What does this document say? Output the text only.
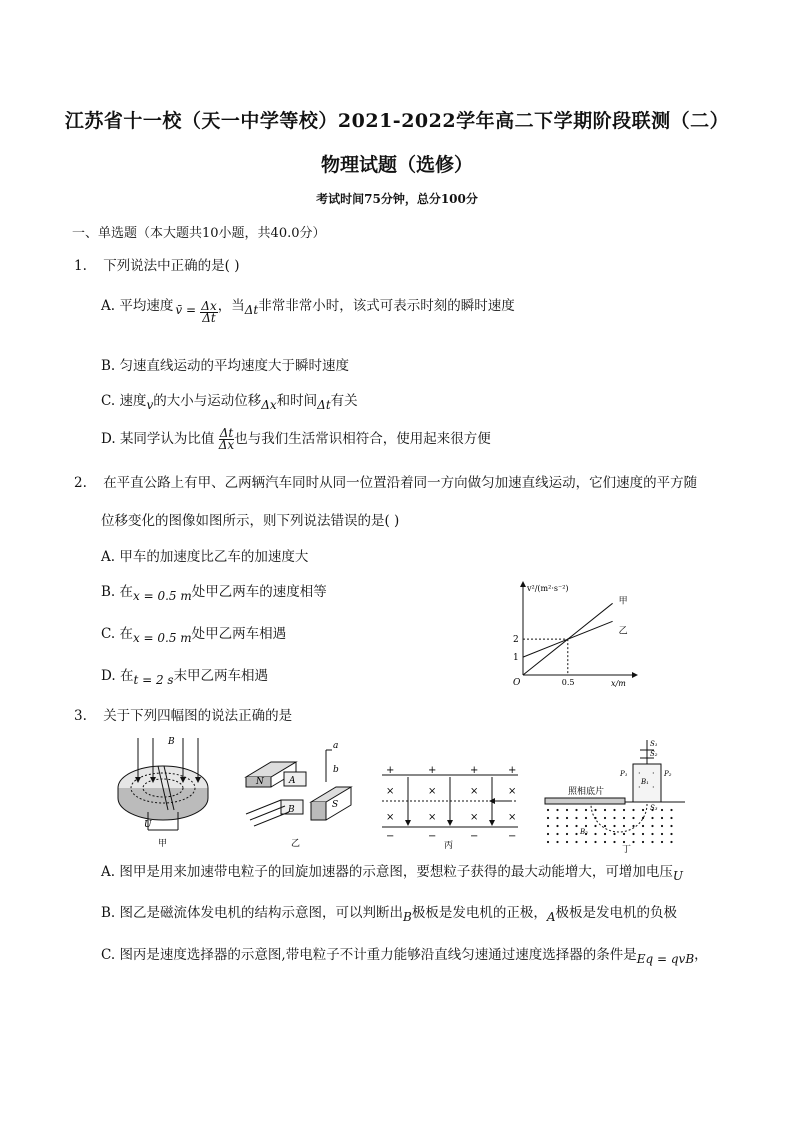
江苏省十一校（天一中学等校）2021-2022学年高二下学期阶段联测（二）
物理试题（选修）
考试时间75分钟，总分100分
一、单选题（本大题共10小题，共40.0分）
1. 下列说法中正确的是( )
A. 平均速度 v̄ = $\frac{\Delta x}{\Delta t}$ ，当Δt非常非常小时，该式可表示时刻的瞬时速度
B. 匀速直线运动的平均速度大于瞬时速度
C. 速度v的大小与运动位移Δx和时间Δt有关
D. 某同学认为比值 $\frac{\Delta t}{\Delta x}$ 也与我们生活常识相符合，使用起来很方便
2. 在平直公路上有甲、乙两辆汽车同时从同一位置沿着同一方向做匀加速直线运动，它们速度的平方随
位移变化的图像如图所示，则下列说法错误的是( )
A. 甲车的加速度比乙车的加速度大
B. 在x = 0.5 m处甲乙两车的速度相等
C. 在x = 0.5 m处甲乙两车相遇
D. 在t = 2 s末甲乙两车相遇
v²/(m²·s⁻²)
x/m
O
甲
乙
1
2
0.5
3. 关于下列四幅图的说法正确的是
B
U
甲
N	A
S
B
a
b
乙
+	+	+	+
−	−	−	−
×	×	×	×
×	×	×	×
丙
· ·
· ·
照相底片
S₁
S₂
S₃
P₁	P₂
B₁
B₂
丁
A. 图甲是用来加速带电粒子的回旋加速器的示意图，要想粒子获得的最大动能增大，可增加电压U
B. 图乙是磁流体发电机的结构示意图，可以判断出B极板是发电机的正极，A极板是发电机的负极
C. 图丙是速度选择器的示意图,带电粒子不计重力能够沿直线匀速通过速度选择器的条件是Eq = qvB，
